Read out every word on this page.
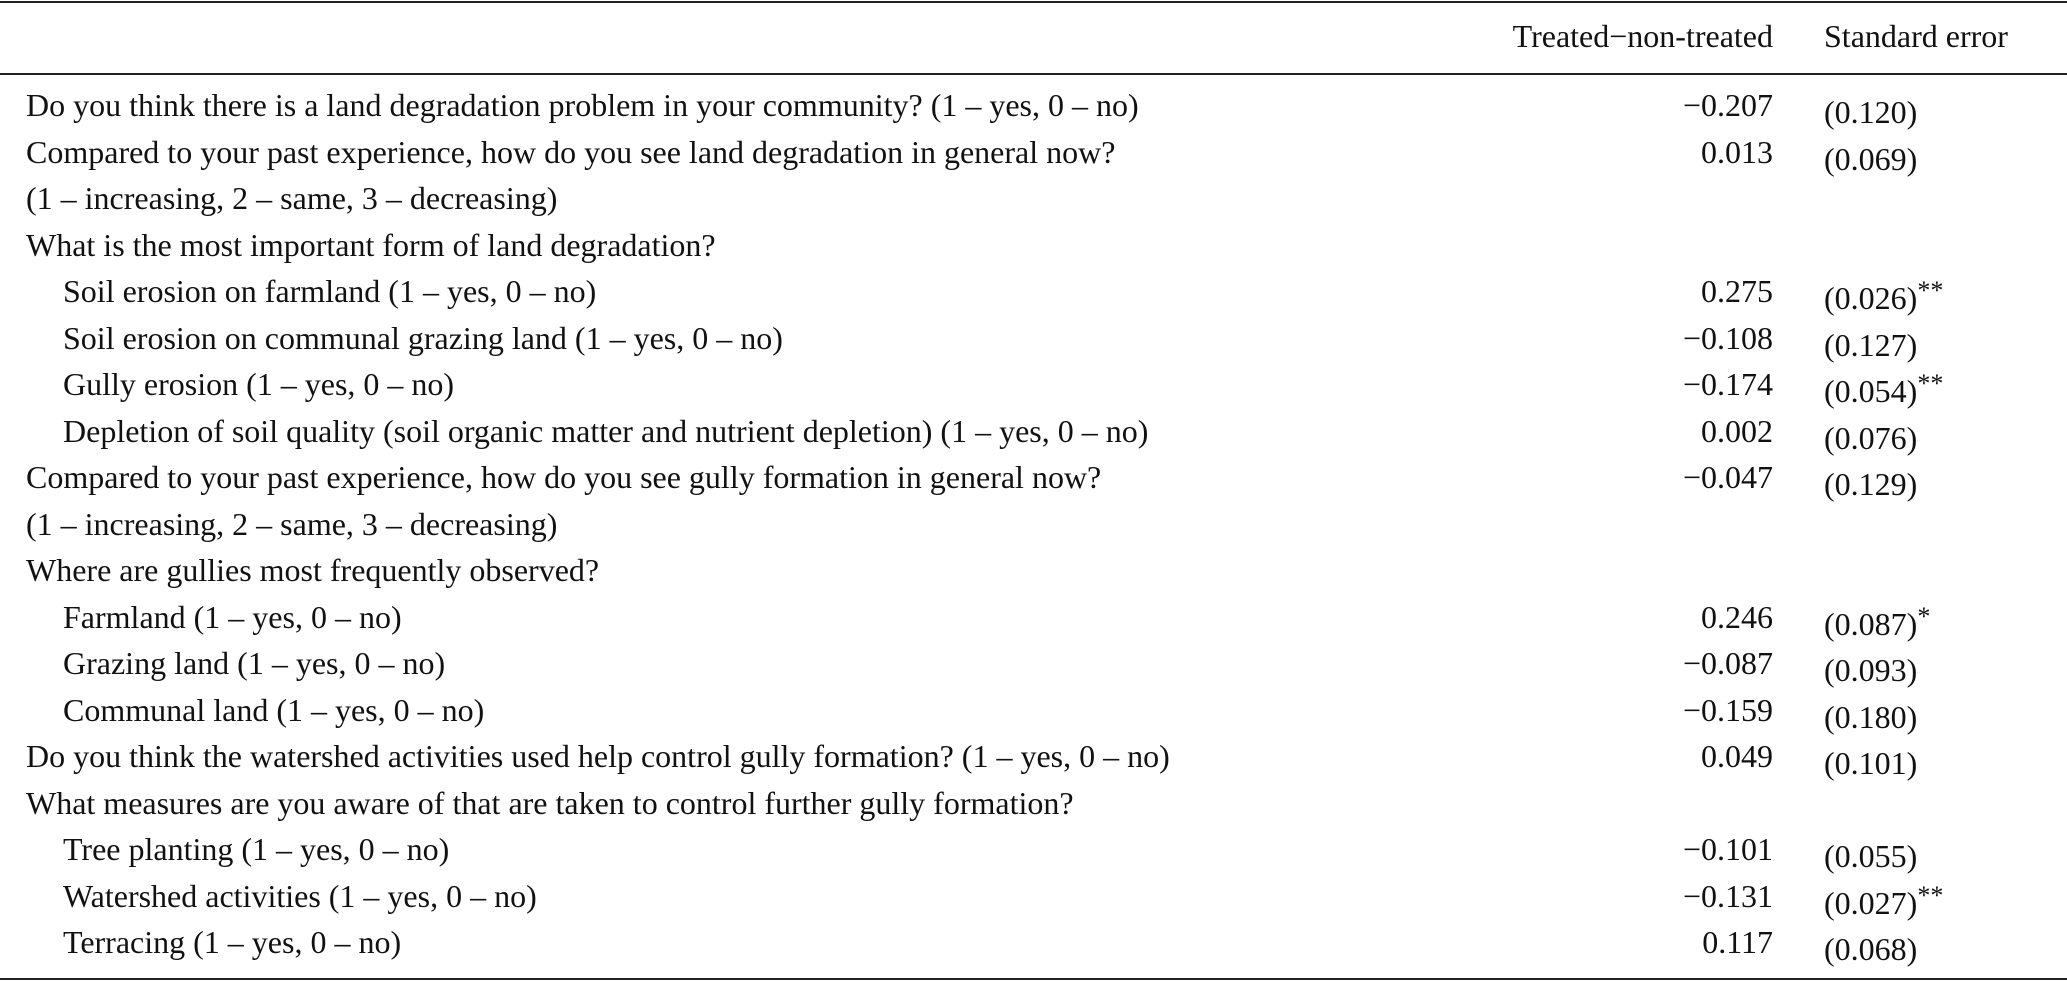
Treated−non-treated Standard error
Do you think there is a land degradation problem in your community? (1 – yes, 0 – no)	−0.207 (0.120)
Compared to your past experience, how do you see land degradation in general now?	0.013 (0.069)
(1 – increasing, 2 – same, 3 – decreasing)
What is the most important form of land degradation?
Soil erosion on farmland (1 – yes, 0 – no)	0.275 (0.026)**
Soil erosion on communal grazing land (1 – yes, 0 – no)	−0.108 (0.127)
Gully erosion (1 – yes, 0 – no)	−0.174 (0.054)**
Depletion of soil quality (soil organic matter and nutrient depletion) (1 – yes, 0 – no)	0.002 (0.076)
Compared to your past experience, how do you see gully formation in general now?	−0.047 (0.129)
(1 – increasing, 2 – same, 3 – decreasing)
Where are gullies most frequently observed?
Farmland (1 – yes, 0 – no)	0.246 (0.087)*
Grazing land (1 – yes, 0 – no)	−0.087 (0.093)
Communal land (1 – yes, 0 – no)	−0.159 (0.180)
Do you think the watershed activities used help control gully formation? (1 – yes, 0 – no)	0.049 (0.101)
What measures are you aware of that are taken to control further gully formation?
Tree planting (1 – yes, 0 – no)	−0.101 (0.055)
Watershed activities (1 – yes, 0 – no)	−0.131 (0.027)**
Terracing (1 – yes, 0 – no)	0.117 (0.068)
